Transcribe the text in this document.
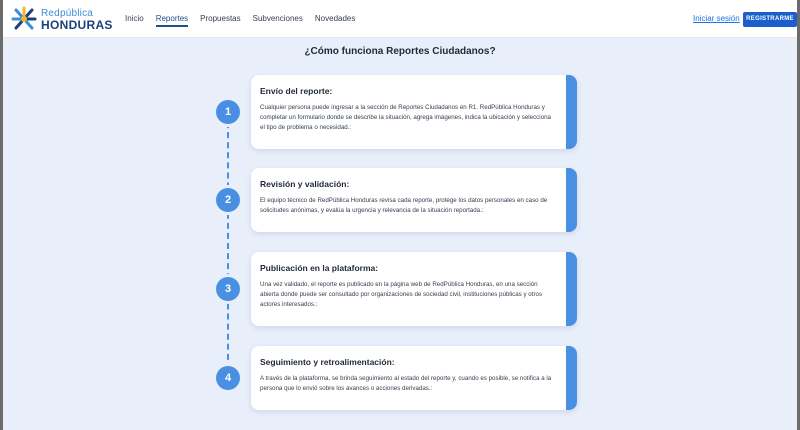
Redpública
HONDURAS	Inicio	Reportes	Propuestas	Subvenciones	Novedades	Iniciar sesión	REGISTRARME
¿Cómo funciona Reportes Ciudadanos?
1
2
3
4
Envío del reporte:
Cualquier persona puede ingresar a la sección de Reportes Ciudadanos en R1. RedPública Honduras y completar un formulario donde se describe la situación, agrega imágenes, indica la ubicación y selecciona el tipo de problema o necesidad.:
Revisión y validación:
El equipo técnico de RedPública Honduras revisa cada reporte, protege los datos personales en caso de solicitudes anónimas, y evalúa la urgencia y relevancia de la situación reportada.:
Publicación en la plataforma:
Una vez validado, el reporte es publicado en la página web de RedPública Honduras, en una sección abierta donde puede ser consultado por organizaciones de sociedad civil, instituciones públicas y otros actores interesados.:
Seguimiento y retroalimentación:
A través de la plataforma, se brinda seguimiento al estado del reporte y, cuando es posible, se notifica a la persona que lo envió sobre los avances o acciones derivadas.:
